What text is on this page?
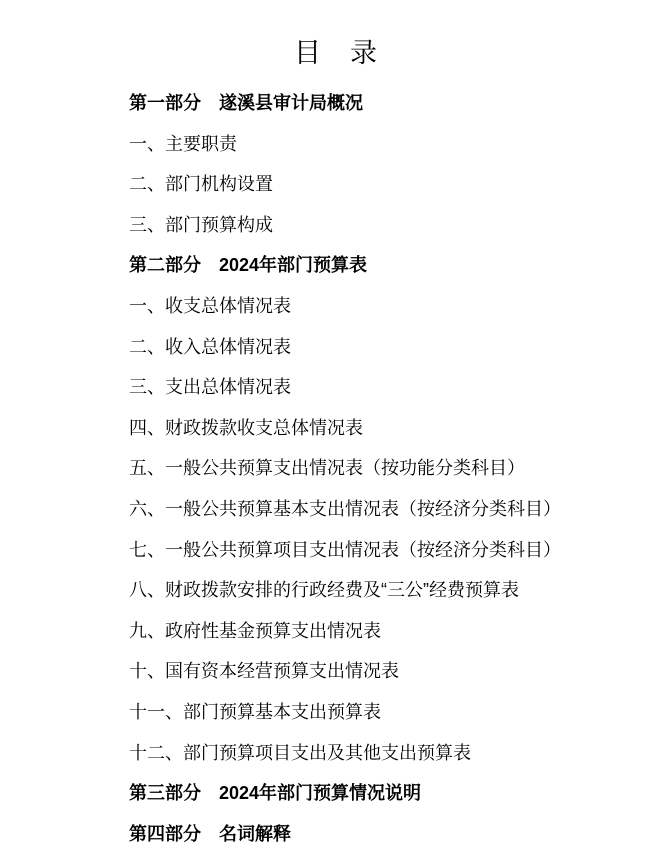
目　录
第一部分　遂溪县审计局概况
一、主要职责
二、部门机构设置
三、部门预算构成
第二部分　2024年部门预算表
一、收支总体情况表
二、收入总体情况表
三、支出总体情况表
四、财政拨款收支总体情况表
五、一般公共预算支出情况表（按功能分类科目）
六、一般公共预算基本支出情况表（按经济分类科目）
七、一般公共预算项目支出情况表（按经济分类科目）
八、财政拨款安排的行政经费及“三公”经费预算表
九、政府性基金预算支出情况表
十、国有资本经营预算支出情况表
十一、部门预算基本支出预算表
十二、部门预算项目支出及其他支出预算表
第三部分　2024年部门预算情况说明
第四部分　名词解释
